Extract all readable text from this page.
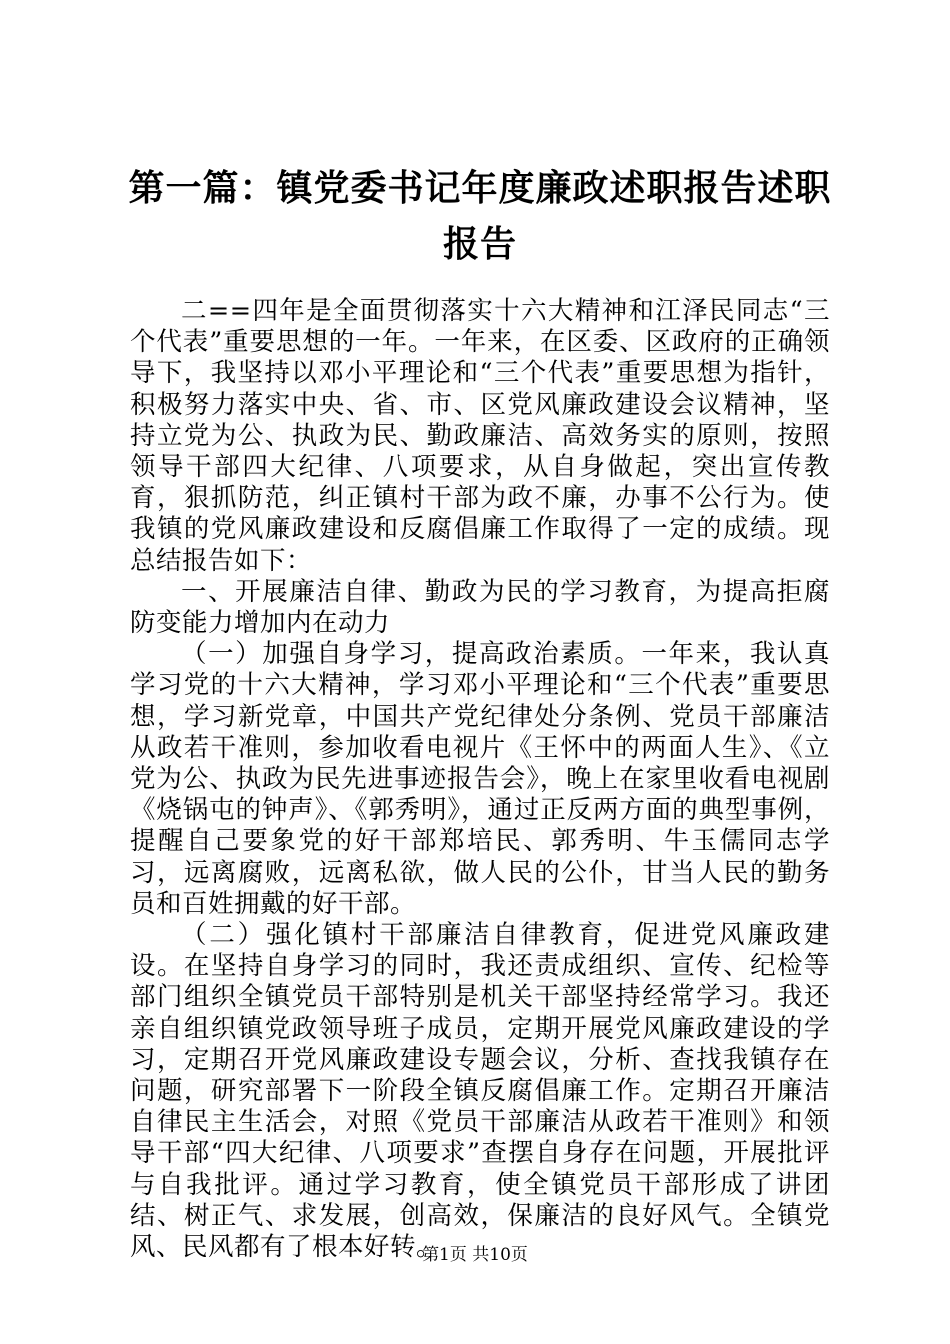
第一篇：镇党委书记年度廉政述职报告述职报告

二==四年是全面贯彻落实十六大精神和江泽民同志“三个代表”重要思想的一年。一年来，在区委、区政府的正确领导下，我坚持以邓小平理论和“三个代表”重要思想为指针，积极努力落实中央、省、市、区党风廉政建设会议精神，坚持立党为公、执政为民、勤政廉洁、高效务实的原则，按照领导干部四大纪律、八项要求，从自身做起，突出宣传教育，狠抓防范，纠正镇村干部为政不廉，办事不公行为。使我镇的党风廉政建设和反腐倡廉工作取得了一定的成绩。现总结报告如下：

一、开展廉洁自律、勤政为民的学习教育，为提高拒腐防变能力增加内在动力

（一）加强自身学习，提高政治素质。一年来，我认真学习党的十六大精神，学习邓小平理论和“三个代表”重要思想，学习新党章，中国共产党纪律处分条例、党员干部廉洁从政若干准则，参加收看电视片《王怀中的两面人生》、《立党为公、执政为民先进事迹报告会》，晚上在家里收看电视剧《烧锅屯的钟声》、《郭秀明》，通过正反两方面的典型事例，提醒自己要象党的好干部郑培民、郭秀明、牛玉儒同志学习，远离腐败，远离私欲，做人民的公仆，甘当人民的勤务员和百姓拥戴的好干部。

（二）强化镇村干部廉洁自律教育，促进党风廉政建设。在坚持自身学习的同时，我还责成组织、宣传、纪检等部门组织全镇党员干部特别是机关干部坚持经常学习。我还亲自组织镇党政领导班子成员，定期开展党风廉政建设的学习，定期召开党风廉政建设专题会议，分析、查找我镇存在问题，研究部署下一阶段全镇反腐倡廉工作。定期召开廉洁自律民主生活会，对照《党员干部廉洁从政若干准则》和领导干部“四大纪律、八项要求”查摆自身存在问题，开展批评与自我批评。通过学习教育，使全镇党员干部形成了讲团结、树正气、求发展，创高效，保廉洁的良好风气。全镇党风、民风都有了根本好转。

第1页 共10页
